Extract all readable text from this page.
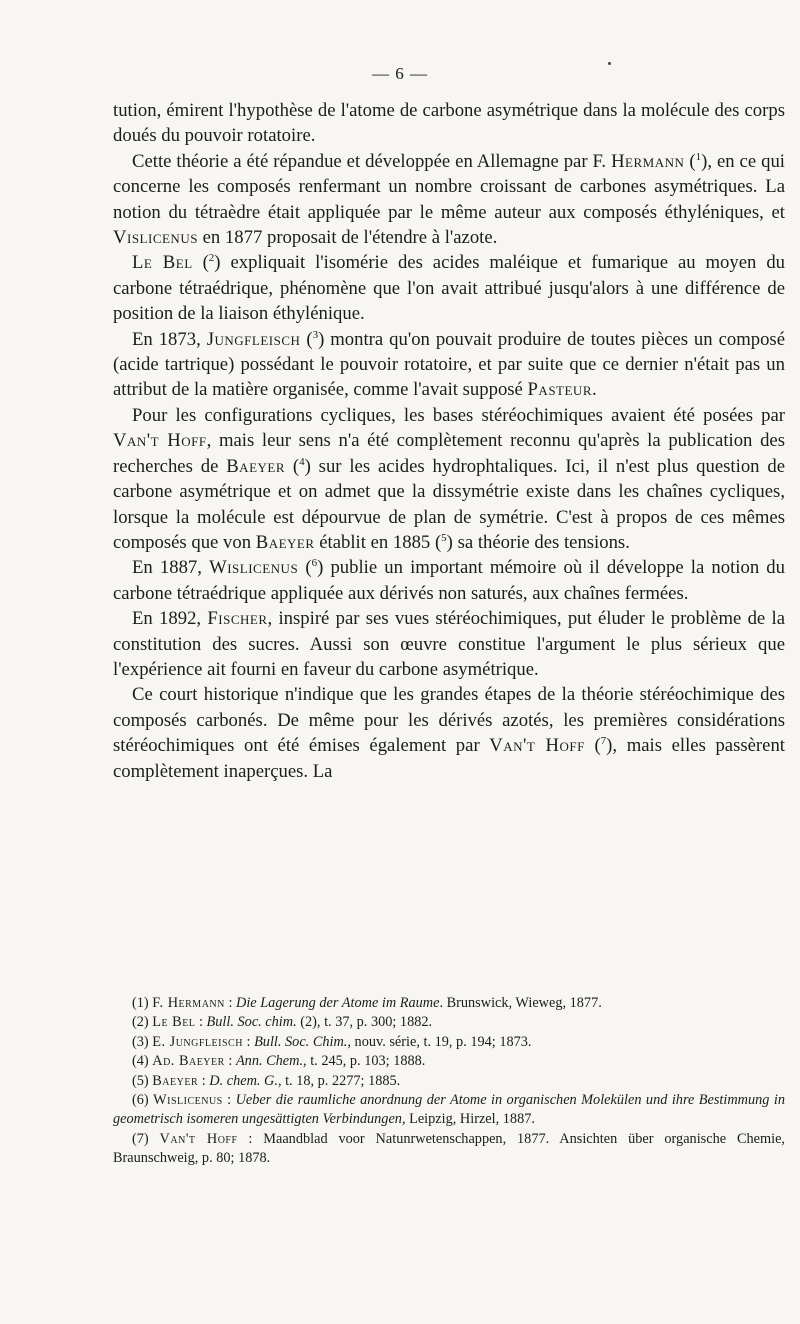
— 6 —

tution, émirent l'hypothèse de l'atome de carbone asymétrique dans la molécule des corps doués du pouvoir rotatoire.

Cette théorie a été répandue et développée en Allemagne par F. Hermann ($^1$), en ce qui concerne les composés renfermant un nombre croissant de carbones asymétriques. La notion du tétraèdre était appliquée par le même auteur aux composés éthyléniques, et Vislicenus en 1877 proposait de l'étendre à l'azote.

Le Bel ($^2$) expliquait l'isomérie des acides maléique et fumarique au moyen du carbone tétraédrique, phénomène que l'on avait attribué jusqu'alors à une différence de position de la liaison éthylénique.

En 1873, Jungfleisch ($^3$) montra qu'on pouvait produire de toutes pièces un composé (acide tartrique) possédant le pouvoir rotatoire, et par suite que ce dernier n'était pas un attribut de la matière organisée, comme l'avait supposé Pasteur.

Pour les configurations cycliques, les bases stéréochimiques avaient été posées par Van't Hoff, mais leur sens n'a été complètement reconnu qu'après la publication des recherches de Baeyer ($^4$) sur les acides hydrophtaliques. Ici, il n'est plus question de carbone asymétrique et on admet que la dissymétrie existe dans les chaînes cycliques, lorsque la molécule est dépourvue de plan de symétrie. C'est à propos de ces mêmes composés que von Baeyer établit en 1885 ($^5$) sa théorie des tensions.

En 1887, Wislicenus ($^6$) publie un important mémoire où il développe la notion du carbone tétraédrique appliquée aux dérivés non saturés, aux chaînes fermées.

En 1892, Fischer, inspiré par ses vues stéréochimiques, put éluder le problème de la constitution des sucres. Aussi son œuvre constitue l'argument le plus sérieux que l'expérience ait fourni en faveur du carbone asymétrique.

Ce court historique n'indique que les grandes étapes de la théorie stéréochimique des composés carbonés. De même pour les dérivés azotés, les premières considérations stéréochimiques ont été émises également par Van't Hoff ($^7$), mais elles passèrent complètement inaperçues. La

(1) F. Hermann : Die Lagerung der Atome im Raume. Brunswick, Wieweg, 1877.

(2) Le Bel : Bull. Soc. chim. (2), t. 37, p. 300; 1882.

(3) E. Jungfleisch : Bull. Soc. Chim., nouv. série, t. 19, p. 194; 1873.

(4) Ad. Baeyer : Ann. Chem., t. 245, p. 103; 1888.

(5) Baeyer : D. chem. G., t. 18, p. 2277; 1885.

(6) Wislicenus : Ueber die raumliche anordnung der Atome in organischen Molekülen und ihre Bestimmung in geometrisch isomeren ungesättigten Verbindungen, Leipzig, Hirzel, 1887.

(7) Van't Hoff : Maandblad voor Natunrwetenschappen, 1877. Ansichten über organische Chemie, Braunschweig, p. 80; 1878.
